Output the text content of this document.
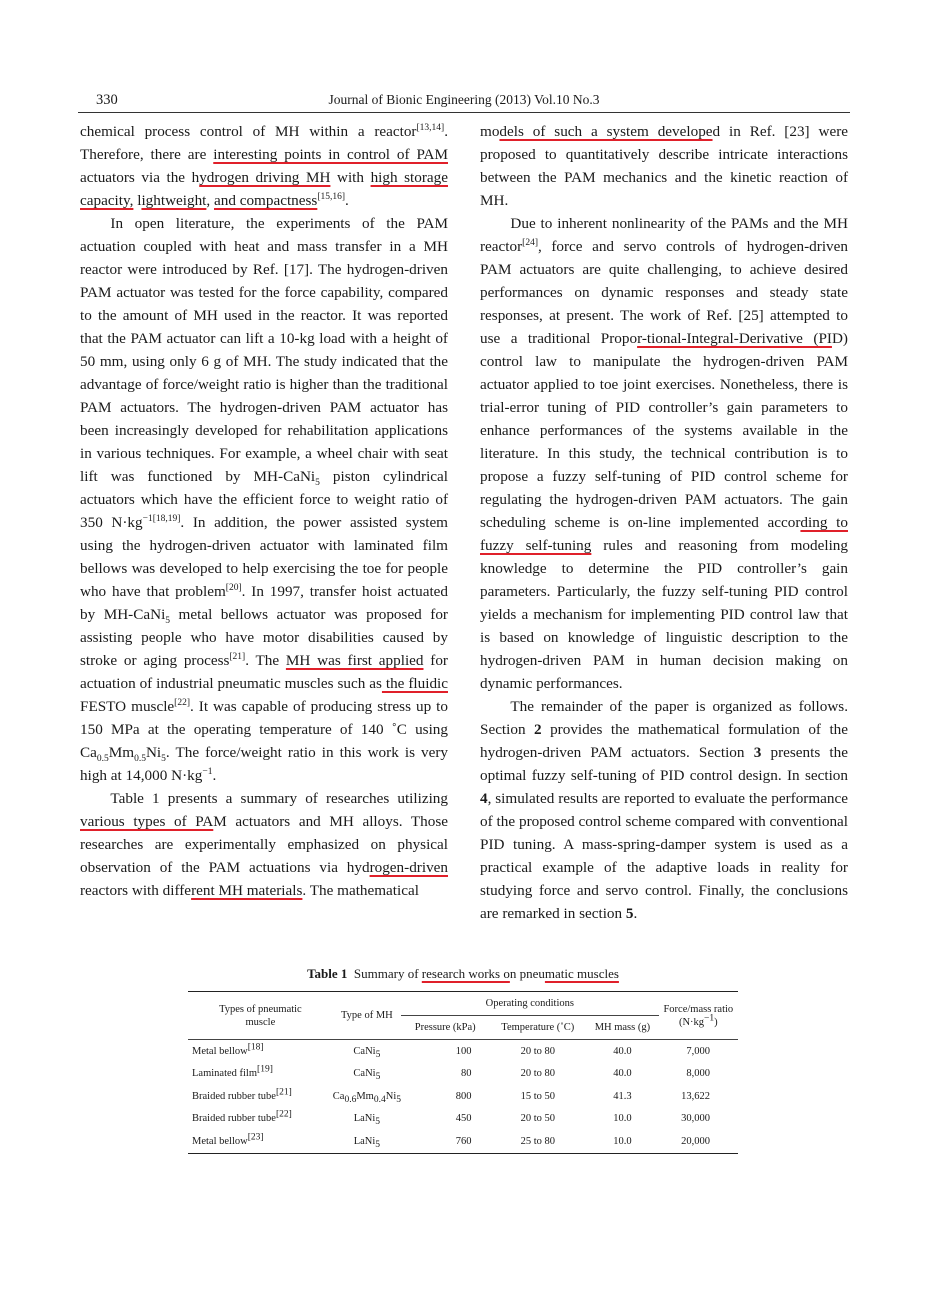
330	Journal of Bionic Engineering (2013) Vol.10 No.3

chemical process control of MH within a reactor[13,14]. Therefore, there are interesting points in control of PAM actuators via the hydrogen driving MH with high storage capacity, lightweight, and compactness[15,16].

In open literature, the experiments of the PAM actuation coupled with heat and mass transfer in a MH reactor were introduced by Ref. [17]. The hydrogen-driven PAM actuator was tested for the force capability, compared to the amount of MH used in the reactor. It was reported that the PAM actuator can lift a 10-kg load with a height of 50 mm, using only 6 g of MH. The study indicated that the advantage of force/weight ratio is higher than the traditional PAM actuators. The hydrogen-driven PAM actuator has been increasingly developed for rehabilitation applications in various techniques. For example, a wheel chair with seat lift was functioned by MH-CaNi$_5$ piston cylindrical actuators which have the efficient force to weight ratio of 350 $N\cdot kg^{-1[18,19]}$. In addition, the power assisted system using the hydrogen-driven actuator with laminated film bellows was developed to help exercising the toe for people who have that problem[20]. In 1997, transfer hoist actuated by MH-CaNi$_5$ metal bellows actuator was proposed for assisting people who have motor disabilities caused by stroke or aging process[21]. The MH was first applied for actuation of industrial pneumatic muscles such as the fluidic FESTO muscle[22]. It was capable of producing stress up to 150 MPa at the operating temperature of 140 ˚C using $Ca_{0.5}Mm_{0.5}Ni_5$. The force/weight ratio in this work is very high at 14,000 $N\cdot kg^{-1}$.

Table 1 presents a summary of researches utilizing various types of PAM actuators and MH alloys. Those researches are experimentally emphasized on physical observation of the PAM actuations via hydrogen-driven reactors with different MH materials. The mathematical

models of such a system developed in Ref. [23] were proposed to quantitatively describe intricate interactions between the PAM mechanics and the kinetic reaction of MH.

Due to inherent nonlinearity of the PAMs and the MH reactor[24], force and servo controls of hydrogen-driven PAM actuators are quite challenging, to achieve desired performances on dynamic responses and steady state responses, at present. The work of Ref. [25] attempted to use a traditional Propor-tional-Integral-Derivative (PID) control law to manipulate the hydrogen-driven PAM actuator applied to toe joint exercises. Nonetheless, there is trial-error tuning of PID controller’s gain parameters to enhance performances of the systems available in the literature. In this study, the technical contribution is to propose a fuzzy self-tuning of PID control scheme for regulating the hydrogen-driven PAM actuators. The gain scheduling scheme is on-line implemented according to fuzzy self-tuning rules and reasoning from modeling knowledge to determine the PID controller’s gain parameters. Particularly, the fuzzy self-tuning PID control yields a mechanism for implementing PID control law that is based on knowledge of linguistic description to the hydrogen-driven PAM in human decision making on dynamic performances.

The remainder of the paper is organized as follows. Section 2 provides the mathematical formulation of the hydrogen-driven PAM actuators. Section 3 presents the optimal fuzzy self-tuning of PID control design. In section 4, simulated results are reported to evaluate the performance of the proposed control scheme compared with conventional PID tuning. A mass-spring-damper system is used as a practical example of the adaptive loads in reality for studying force and servo control. Finally, the conclusions are remarked in section 5.

Table 1 Summary of research works on pneumatic muscles
Types of pneumatic muscle	Type of MH	Operating conditions			Force/mass ratio (N·kg−1)
		Pressure (kPa)	Temperature (˚C)	MH mass (g)	
Metal bellow[18]	CaNi5	100	20 to 80	40.0	7,000
Laminated film[19]	CaNi5	80	20 to 80	40.0	8,000
Braided rubber tube[21]	Ca0.6Mm0.4Ni5	800	15 to 50	41.3	13,622
Braided rubber tube[22]	LaNi5	450	20 to 50	10.0	30,000
Metal bellow[23]	LaNi5	760	25 to 80	10.0	20,000
